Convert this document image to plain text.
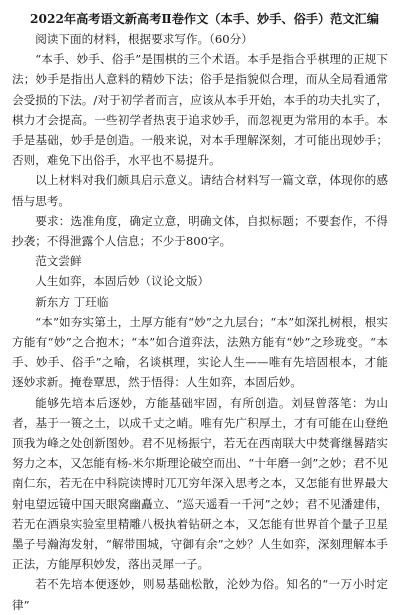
2022年高考语文新高考Ⅱ卷作文（本手、妙手、俗手）范文汇编

阅读下面的材料，根据要求写作。（60分）

“本手、妙手、俗手”是围棋的三个术语。本手是指合乎棋理的正规下法；妙手是指出人意料的精妙下法；俗手是指貌似合理，而从全局看通常会受损的下法。/对于初学者而言，应该从本手开始，本手的功夫扎实了，棋力才会提高。一些初学者热衷于追求妙手，而忽视更为常用的本手。本手是基础，妙手是创造。一般来说，对本手理解深刻，才可能出现妙手；否则，难免下出俗手，水平也不易提升。

以上材料对我们颇具启示意义。请结合材料写一篇文章，体现你的感悟与思考。

要求：选准角度，确定立意，明确文体，自拟标题；不要套作，不得抄袭；不得泄露个人信息；不少于800字。

范文尝鲜

人生如弈，本固后妙（议论文版）

新东方 丁玨临

“本”如夯实第土，土厚方能有“妙”之九层台；“本”如深扎树根，根实方能有“妙”之合抱木；“本”如合道弈法，法熟方能有“妙”之珍珑变。“本手、妙手、俗手”之喻，名谈棋理，实论人生——唯有先培固根本，才能逐妙求新。掩卷覃思，然于悟得：人生如弈，本固后妙。

能够先培本后逐妙，方能基础牢固，有所创造。刘昼曾落笔：为山者，基于一篑之土，以成千丈之峭。唯有先广积厚土，才有可能在山登绝顶我为峰之处创新图妙。君不见杨振宁，若无在西南联大中焚膏继晷踏实努力之本，又怎能有杨-米尔斯理论破空而出、“十年磨一剑”之妙；君不见南仁东，若无在中科院读博时兀兀穷年深入思考之本，又怎能有世界最大射电望远镜中国天眼窝幽矗立、“巡天遥看一千河”之妙；君不见潘建伟，若无在酒泉实验室里精雕八极执着钻研之本，又怎能有世界首个量子卫星墨子号瀚海发射，“解带围城，守御有余”之妙？人生如弈，深刻理解本手正法，方能厚积妙发，落出灵犀一子。

若不先培本便逐妙，则易基础松散，沦妙为俗。知名的“一万小时定律”
